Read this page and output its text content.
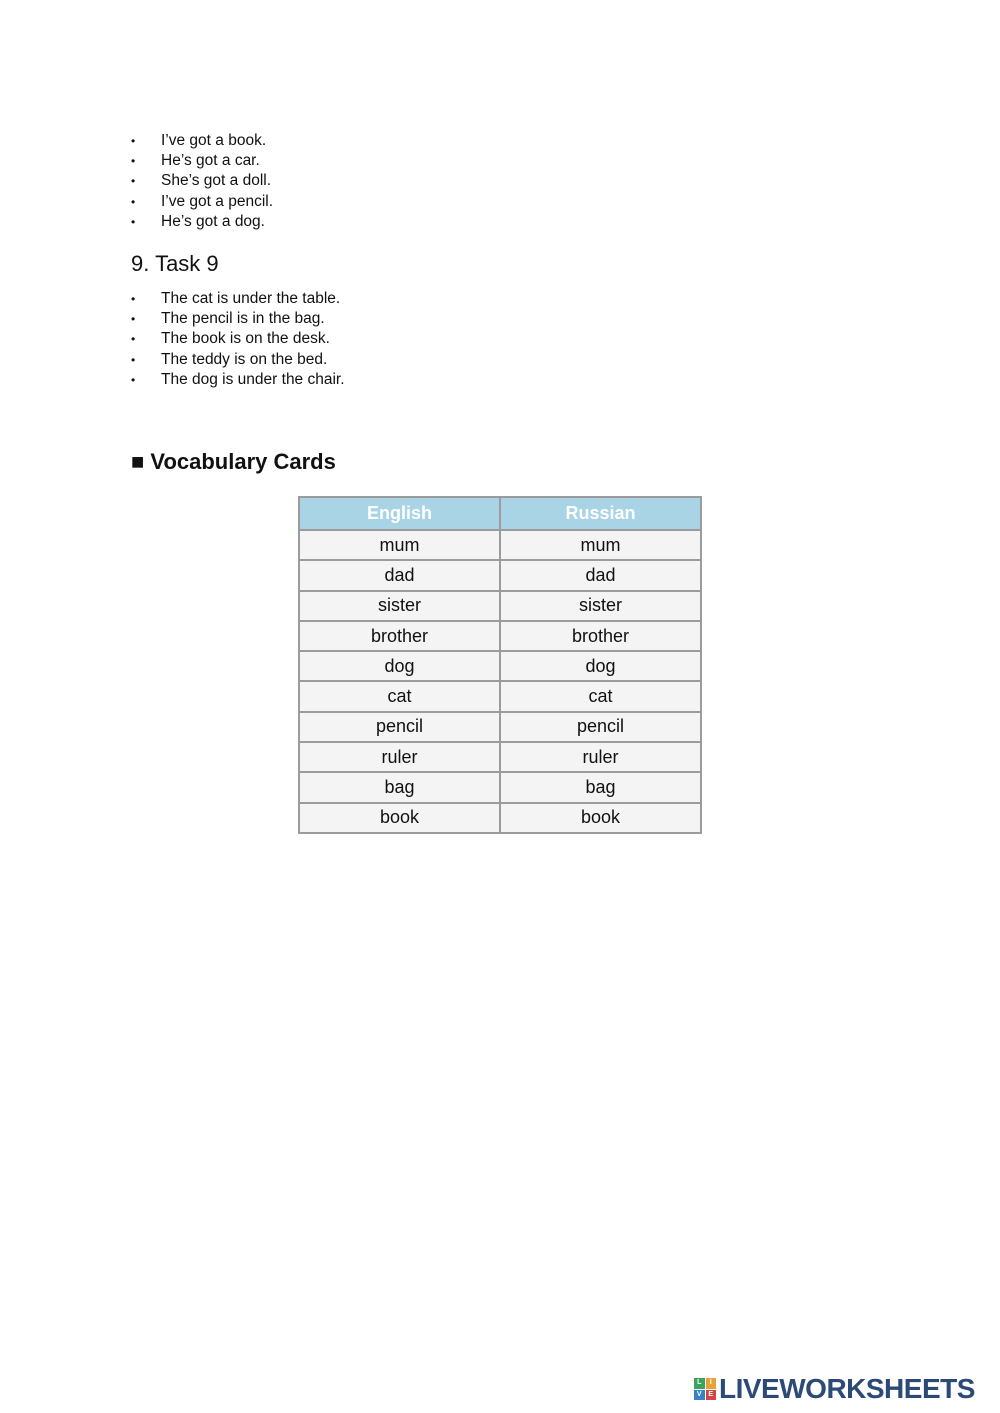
•	I’ve got a book.
•	He’s got a car.
•	She’s got a doll.
•	I’ve got a pencil.
•	He’s got a dog.
9. Task 9
•	The cat is under the table.
•	The pencil is in the bag.
•	The book is on the desk.
•	The teddy is on the bed.
•	The dog is under the chair.
■ Vocabulary Cards
English	Russian
mum	mum
dad	dad
sister	sister
brother	brother
dog	dog
cat	cat
pencil	pencil
ruler	ruler
bag	bag
book	book
L	I
V E LIVEWORKSHEETS
